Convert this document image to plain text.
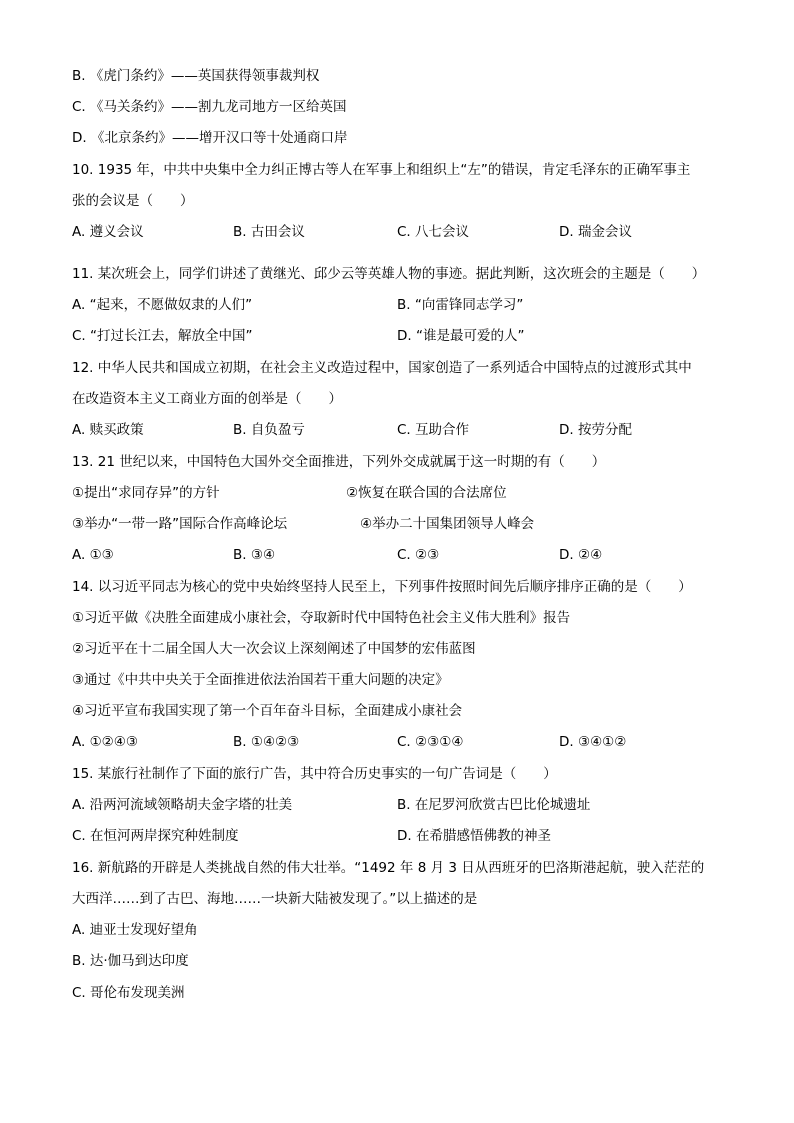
B. 《虎门条约》——英国获得领事裁判权
C. 《马关条约》——割九龙司地方一区给英国
D. 《北京条约》——增开汉口等十处通商口岸
10. 1935 年，中共中央集中全力纠正博古等人在军事上和组织上“左”的错误，肯定毛泽东的正确军事主
张的会议是（　　）
A. 遵义会议	B. 古田会议	C. 八七会议	D. 瑞金会议
11. 某次班会上，同学们讲述了黄继光、邱少云等英雄人物的事迹。据此判断，这次班会的主题是（　　）
A. “起来，不愿做奴隶的人们”	B. “向雷锋同志学习”
C. “打过长江去，解放全中国”	D. “谁是最可爱的人”
12. 中华人民共和国成立初期，在社会主义改造过程中，国家创造了一系列适合中国特点的过渡形式其中
在改造资本主义工商业方面的创举是（　　）
A. 赎买政策	B. 自负盈亏	C. 互助合作	D. 按劳分配
13. 21 世纪以来，中国特色大国外交全面推进，下列外交成就属于这一时期的有（　　）
①提出“求同存异”的方针	②恢复在联合国的合法席位
③举办“一带一路”国际合作高峰论坛	④举办二十国集团领导人峰会
A. ①③	B. ③④	C. ②③	D. ②④
14. 以习近平同志为核心的党中央始终坚持人民至上，下列事件按照时间先后顺序排序正确的是（　　）
①习近平做《决胜全面建成小康社会，夺取新时代中国特色社会主义伟大胜利》报告
②习近平在十二届全国人大一次会议上深刻阐述了中国梦的宏伟蓝图
③通过《中共中央关于全面推进依法治国若干重大问题的决定》
④习近平宣布我国实现了第一个百年奋斗目标，全面建成小康社会
A. ①②④③	B. ①④②③	C. ②③①④	D. ③④①②
15. 某旅行社制作了下面的旅行广告，其中符合历史事实的一句广告词是（　　）
A. 沿两河流域领略胡夫金字塔的壮美	B. 在尼罗河欣赏古巴比伦城遗址
C. 在恒河两岸探究种姓制度	D. 在希腊感悟佛教的神圣
16. 新航路的开辟是人类挑战自然的伟大壮举。“1492 年 8 月 3 日从西班牙的巴洛斯港起航，驶入茫茫的
大西洋……到了古巴、海地……一块新大陆被发现了。”以上描述的是
A. 迪亚士发现好望角
B. 达·伽马到达印度
C. 哥伦布发现美洲
